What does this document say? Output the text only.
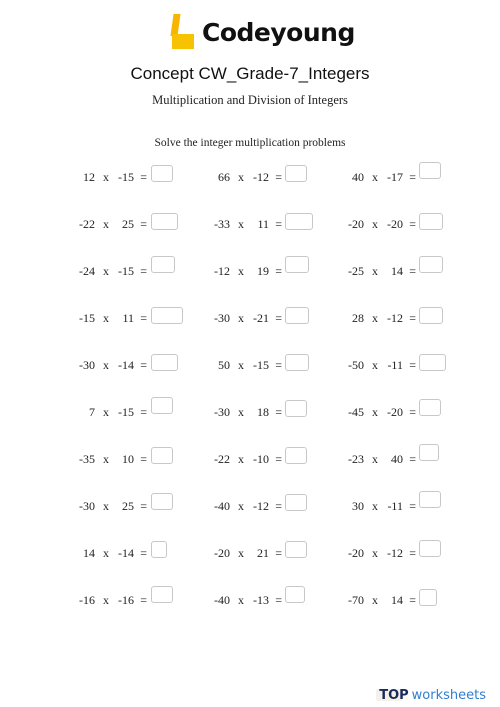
Codeyoung
Concept CW_Grade-7_Integers
Multiplication and Division of Integers
Solve the integer multiplication problems
12 x -15 =	66 x -12 =	40 x -17 =
-22 x 25 =	-33 x 11 =	-20 x -20 =
-24 x -15 =	-12 x 19 =	-25 x 14 =
-15 x 11 =	-30 x -21 =	28 x -12 =
-30 x -14 =	50 x -15 =	-50 x -11 =
7 x -15 =	-30 x 18 =	-45 x -20 =
-35 x 10 =	-22 x -10 =	-23 x 40 =
-30 x 25 =	-40 x -12 =	30 x -11 =
14 x -14 =	-20 x 21 =	-20 x -12 =
-16 x -16 =	-40 x -13 =	-70 x 14 =
TOP worksheets
